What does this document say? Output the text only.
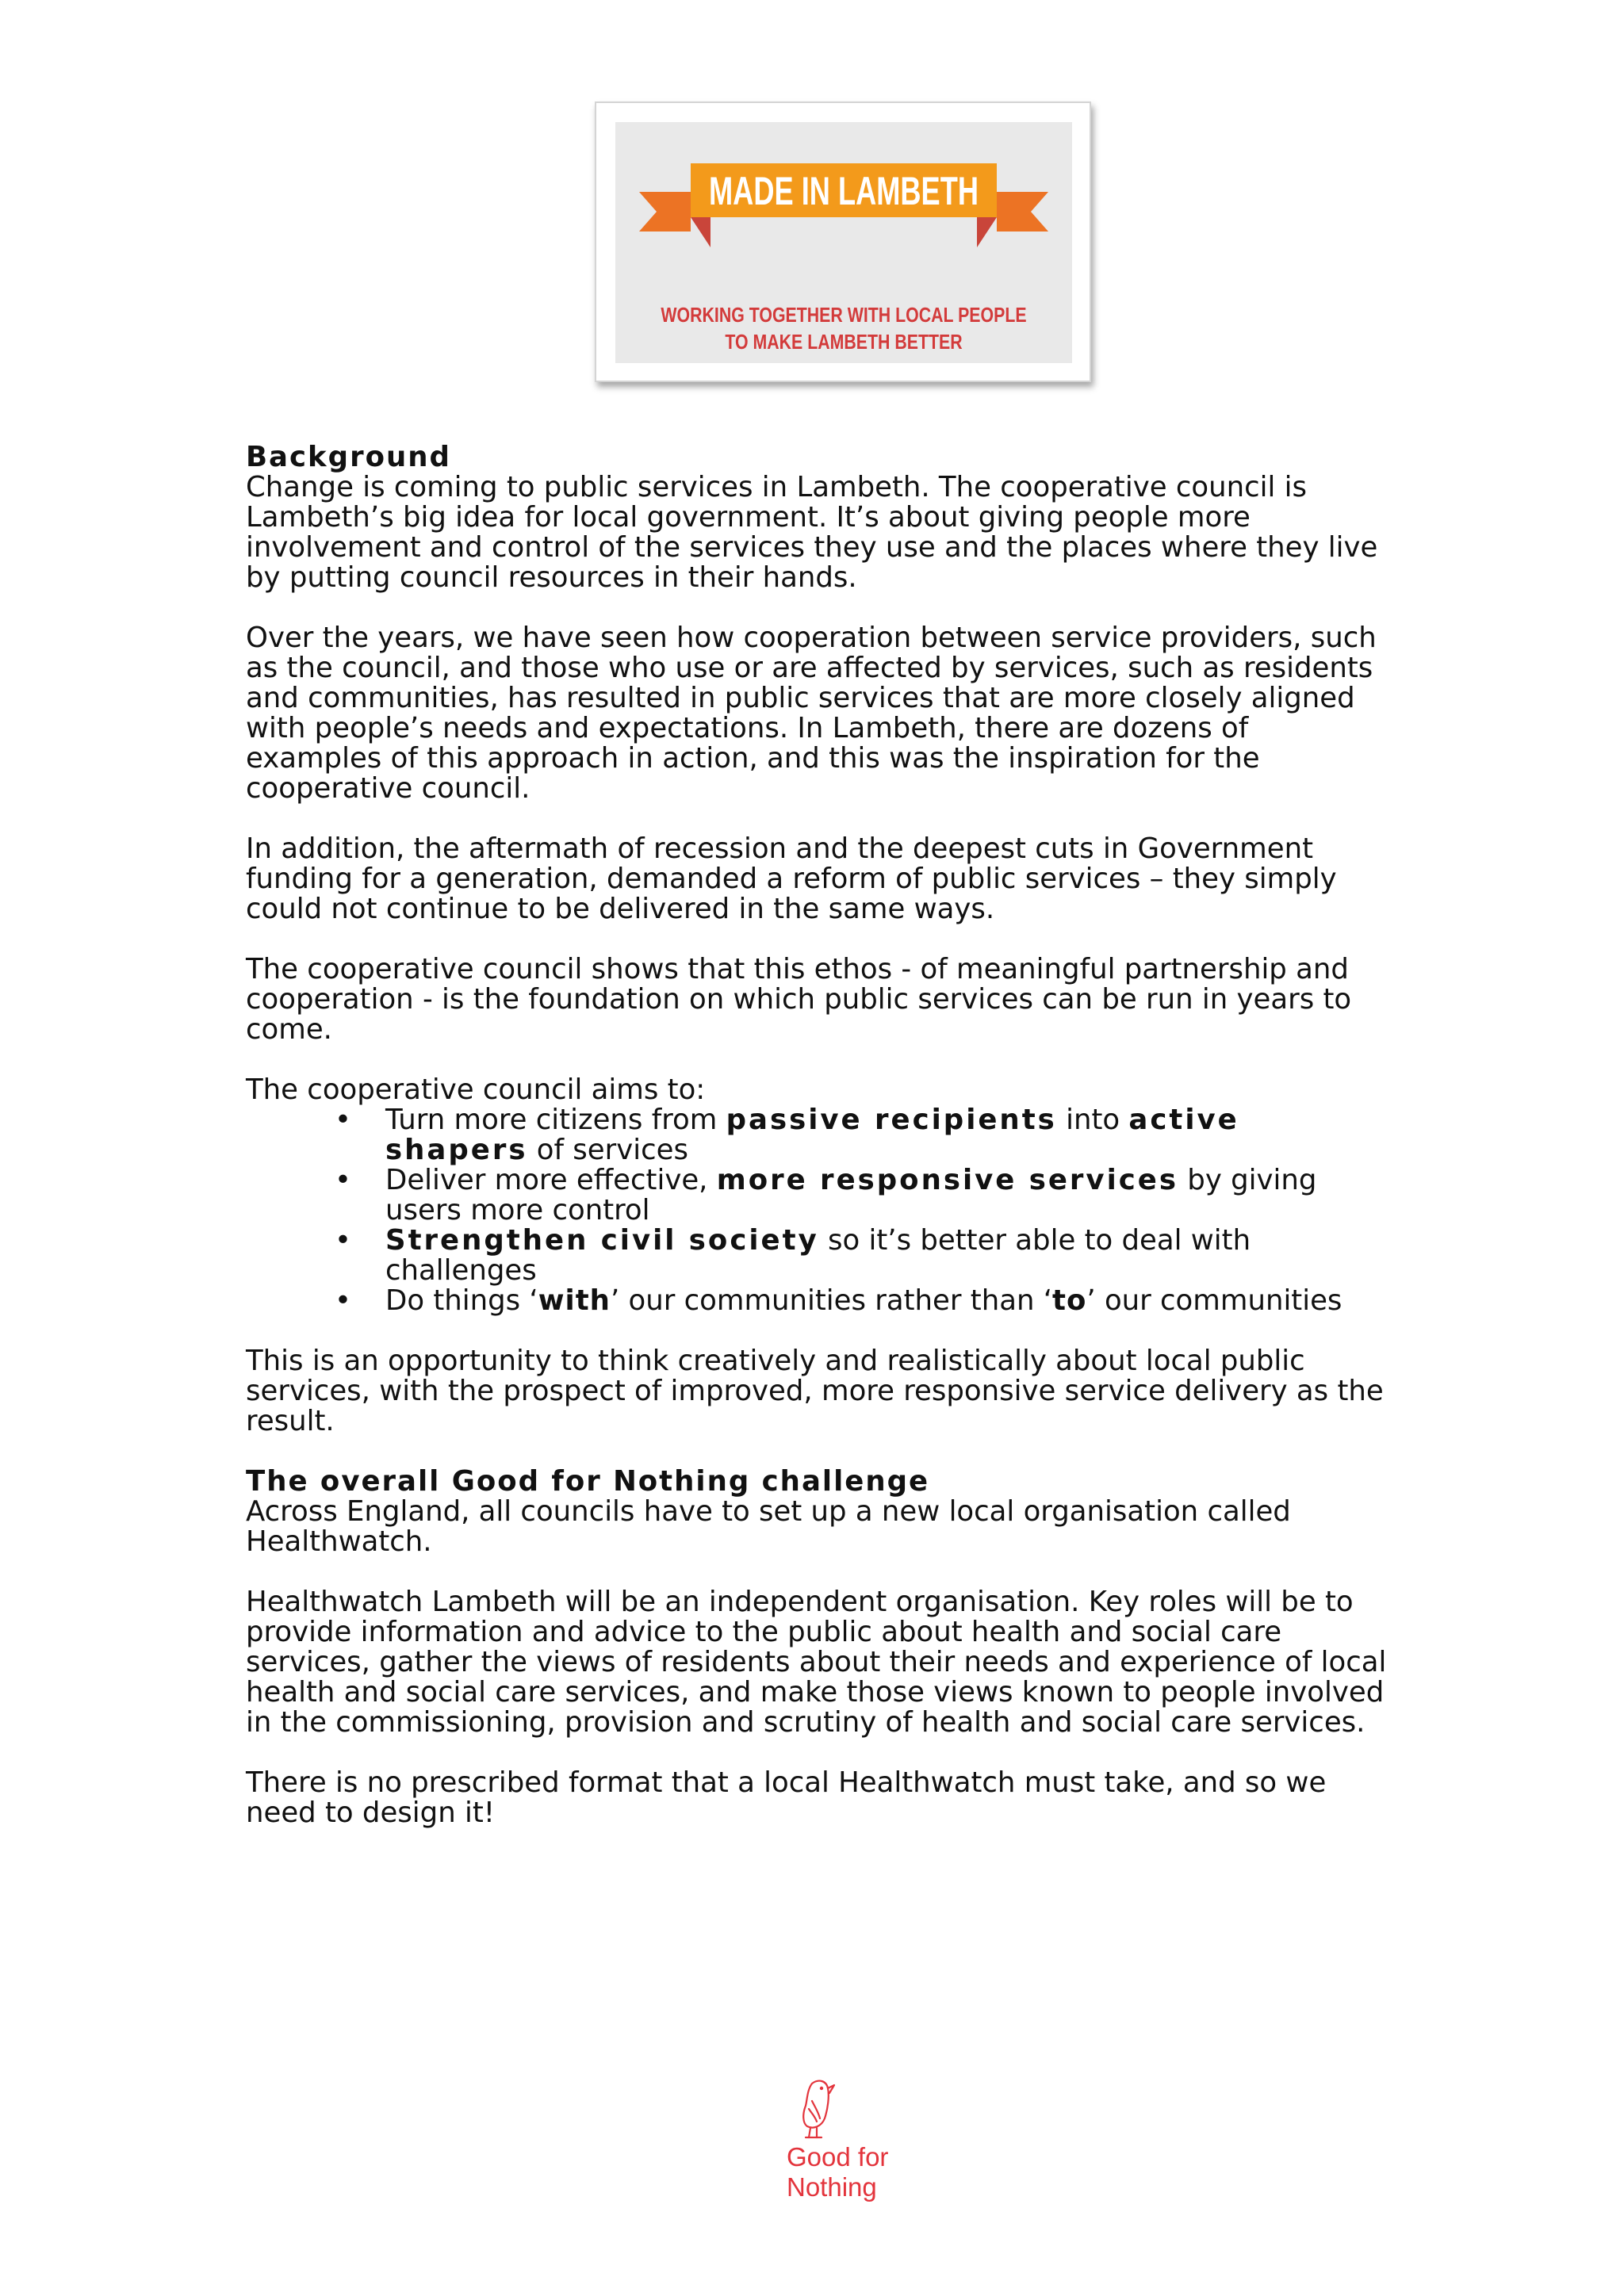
MADE IN LAMBETH
WORKING TOGETHER WITH LOCAL PEOPLE
TO MAKE LAMBETH BETTER
Background

Change is coming to public services in Lambeth. The cooperative council is Lambeth’s big idea for local government. It’s about giving people more involvement and control of the services they use and the places where they live by putting council resources in their hands.

Over the years, we have seen how cooperation between service providers, such as the council, and those who use or are affected by services, such as residents and communities, has resulted in public services that are more closely aligned with people’s needs and expectations. In Lambeth, there are dozens of examples of this approach in action, and this was the inspiration for the cooperative council.

In addition, the aftermath of recession and the deepest cuts in Government funding for a generation, demanded a reform of public services – they simply could not continue to be delivered in the same ways.

The cooperative council shows that this ethos - of meaningful partnership and cooperation - is the foundation on which public services can be run in years to come.

The cooperative council aims to:
• Turn more citizens from passive recipients into active shapers of services
• Deliver more effective, more responsive services by giving users more control
• Strengthen civil society so it’s better able to deal with challenges
• Do things ‘with’ our communities rather than ‘to’ our communities

This is an opportunity to think creatively and realistically about local public services, with the prospect of improved, more responsive service delivery as the result.

The overall Good for Nothing challenge

Across England, all councils have to set up a new local organisation called Healthwatch.

Healthwatch Lambeth will be an independent organisation. Key roles will be to provide information and advice to the public about health and social care services, gather the views of residents about their needs and experience of local health and social care services, and make those views known to people involved in the commissioning, provision and scrutiny of health and social care services.

There is no prescribed format that a local Healthwatch must take, and so we need to design it!

Good for
Nothing
